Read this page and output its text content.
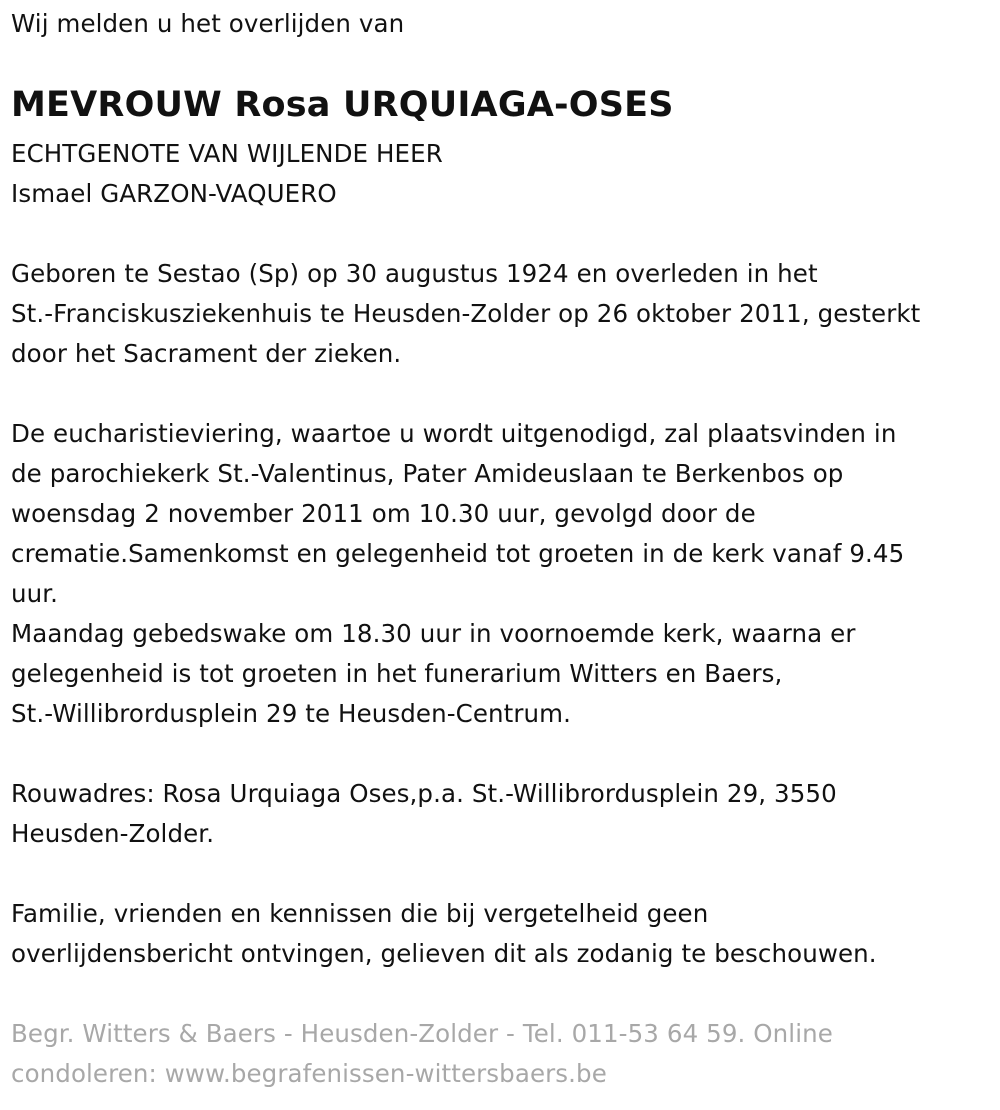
Wij melden u het overlijden van
MEVROUW Rosa URQUIAGA-OSES
ECHTGENOTE VAN WIJLENDE HEER
Ismael GARZON-VAQUERO
Geboren te Sestao (Sp) op 30 augustus 1924 en overleden in het
St.-Franciskusziekenhuis te Heusden-Zolder op 26 oktober 2011, gesterkt
door het Sacrament der zieken.
De eucharistieviering, waartoe u wordt uitgenodigd, zal plaatsvinden in
de parochiekerk St.-Valentinus, Pater Amideuslaan te Berkenbos op
woensdag 2 november 2011 om 10.30 uur, gevolgd door de
crematie.Samenkomst en gelegenheid tot groeten in de kerk vanaf 9.45
uur.
Maandag gebedswake om 18.30 uur in voornoemde kerk, waarna er
gelegenheid is tot groeten in het funerarium Witters en Baers,
St.-Willibrordusplein 29 te Heusden-Centrum.
Rouwadres: Rosa Urquiaga Oses,p.a. St.-Willibrordusplein 29, 3550
Heusden-Zolder.
Familie, vrienden en kennissen die bij vergetelheid geen
overlijdensbericht ontvingen, gelieven dit als zodanig te beschouwen.
Begr. Witters & Baers - Heusden-Zolder - Tel. 011-53 64 59. Online
condoleren: www.begrafenissen-wittersbaers.be
